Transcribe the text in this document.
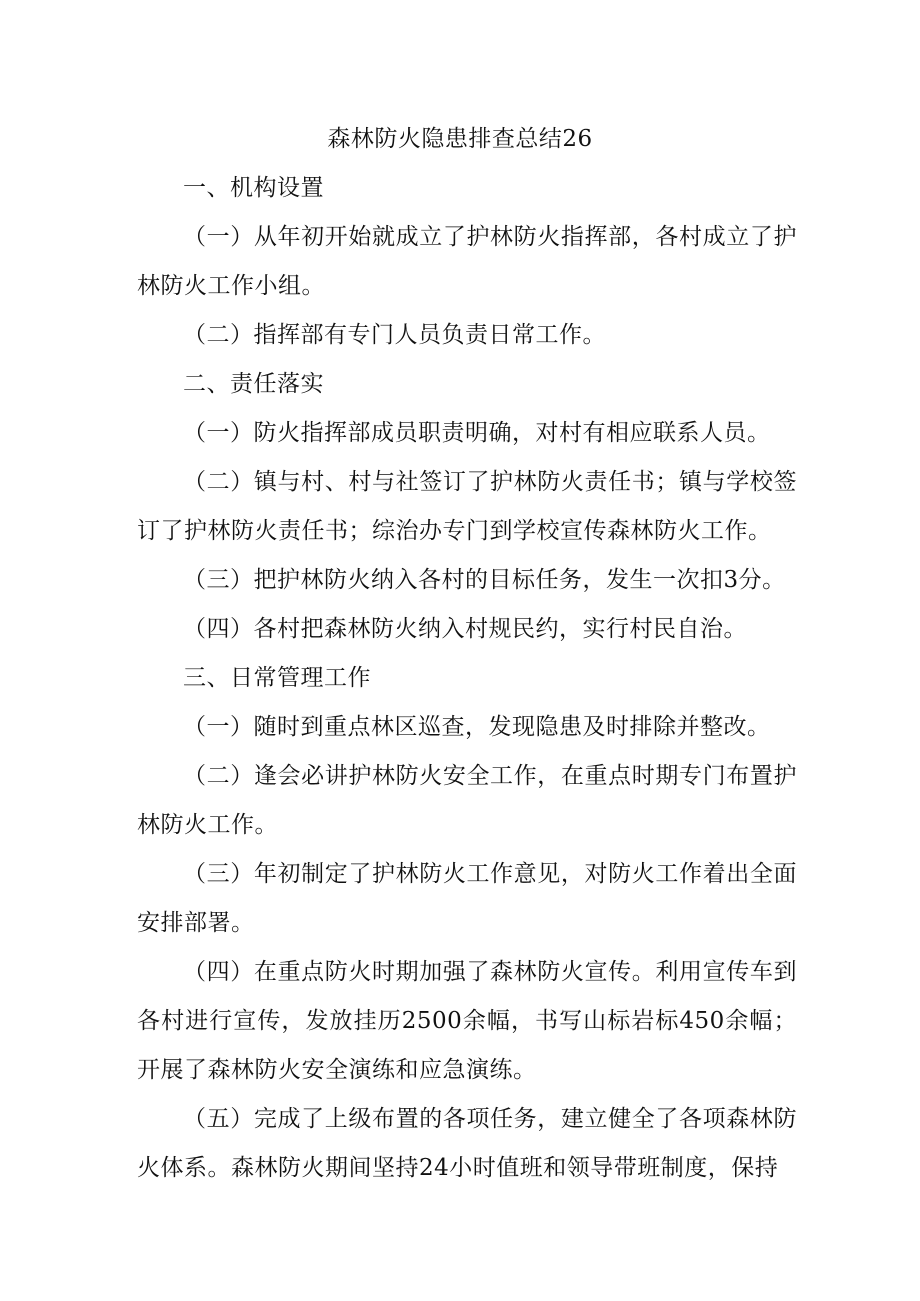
森林防火隐患排查总结26

一、机构设置

（一）从年初开始就成立了护林防火指挥部，各村成立了护林防火工作小组。

（二）指挥部有专门人员负责日常工作。

二、责任落实

（一）防火指挥部成员职责明确，对村有相应联系人员。

（二）镇与村、村与社签订了护林防火责任书；镇与学校签订了护林防火责任书；综治办专门到学校宣传森林防火工作。

（三）把护林防火纳入各村的目标任务，发生一次扣3分。

（四）各村把森林防火纳入村规民约，实行村民自治。

三、日常管理工作

（一）随时到重点林区巡查，发现隐患及时排除并整改。

（二）逢会必讲护林防火安全工作，在重点时期专门布置护林防火工作。

（三）年初制定了护林防火工作意见，对防火工作着出全面安排部署。

（四）在重点防火时期加强了森林防火宣传。利用宣传车到各村进行宣传，发放挂历2500余幅，书写山标岩标450余幅；开展了森林防火安全演练和应急演练。

（五）完成了上级布置的各项任务，建立健全了各项森林防火体系。森林防火期间坚持24小时值班和领导带班制度，保持
